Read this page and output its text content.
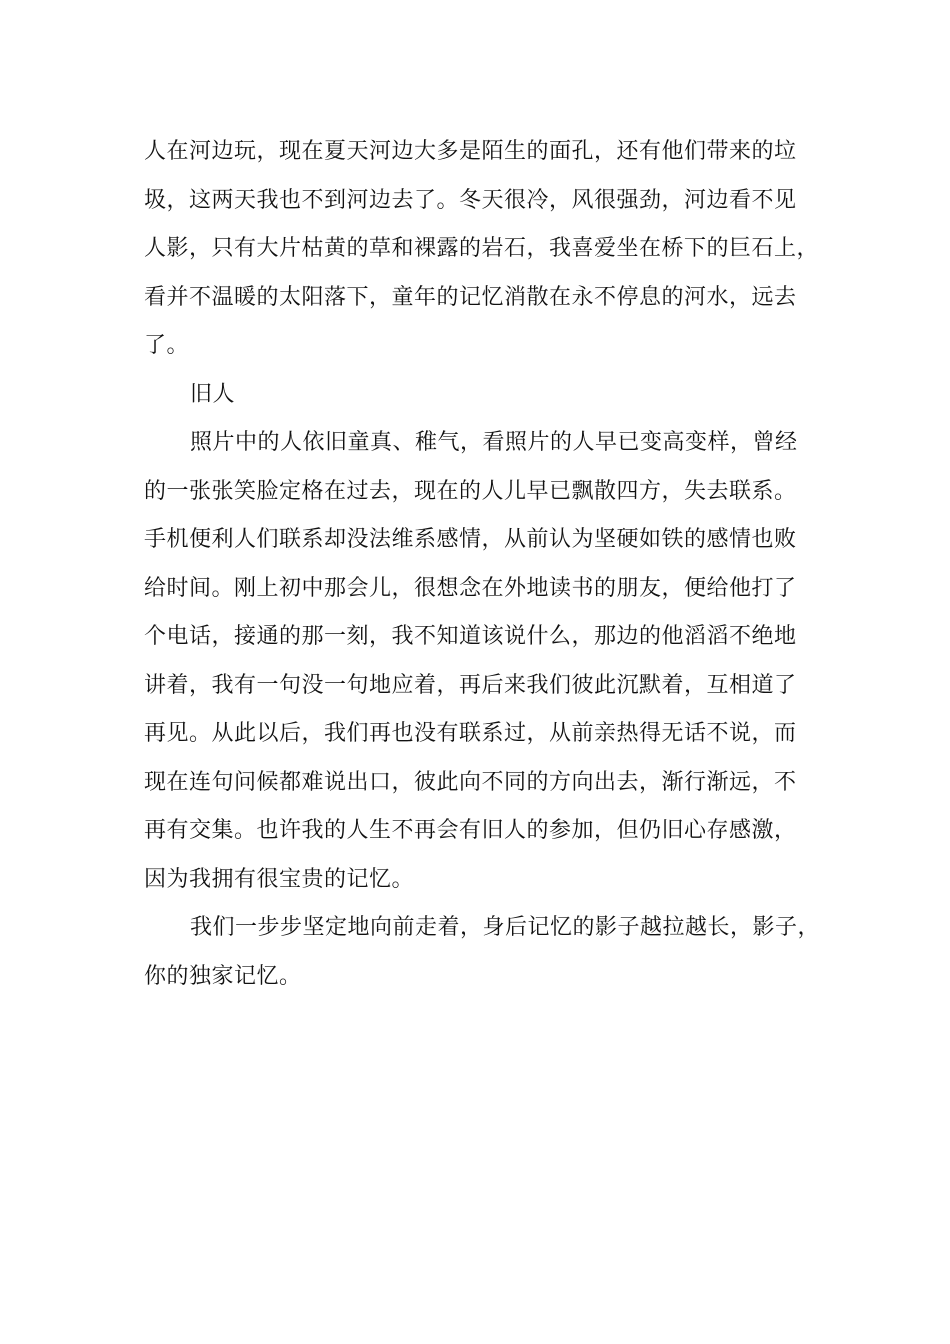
人在河边玩，现在夏天河边大多是陌生的面孔，还有他们带来的垃
圾，这两天我也不到河边去了。冬天很冷，风很强劲，河边看不见
人影，只有大片枯黄的草和裸露的岩石，我喜爱坐在桥下的巨石上，
看并不温暖的太阳落下，童年的记忆消散在永不停息的河水，远去
了。
旧人
照片中的人依旧童真、稚气，看照片的人早已变高变样，曾经
的一张张笑脸定格在过去，现在的人儿早已飘散四方，失去联系。
手机便利人们联系却没法维系感情，从前认为坚硬如铁的感情也败
给时间。刚上初中那会儿，很想念在外地读书的朋友，便给他打了
个电话，接通的那一刻，我不知道该说什么，那边的他滔滔不绝地
讲着，我有一句没一句地应着，再后来我们彼此沉默着，互相道了
再见。从此以后，我们再也没有联系过，从前亲热得无话不说，而
现在连句问候都难说出口，彼此向不同的方向出去，渐行渐远，不
再有交集。也许我的人生不再会有旧人的参加，但仍旧心存感激，
因为我拥有很宝贵的记忆。
我们一步步坚定地向前走着，身后记忆的影子越拉越长，影子，
你的独家记忆。
